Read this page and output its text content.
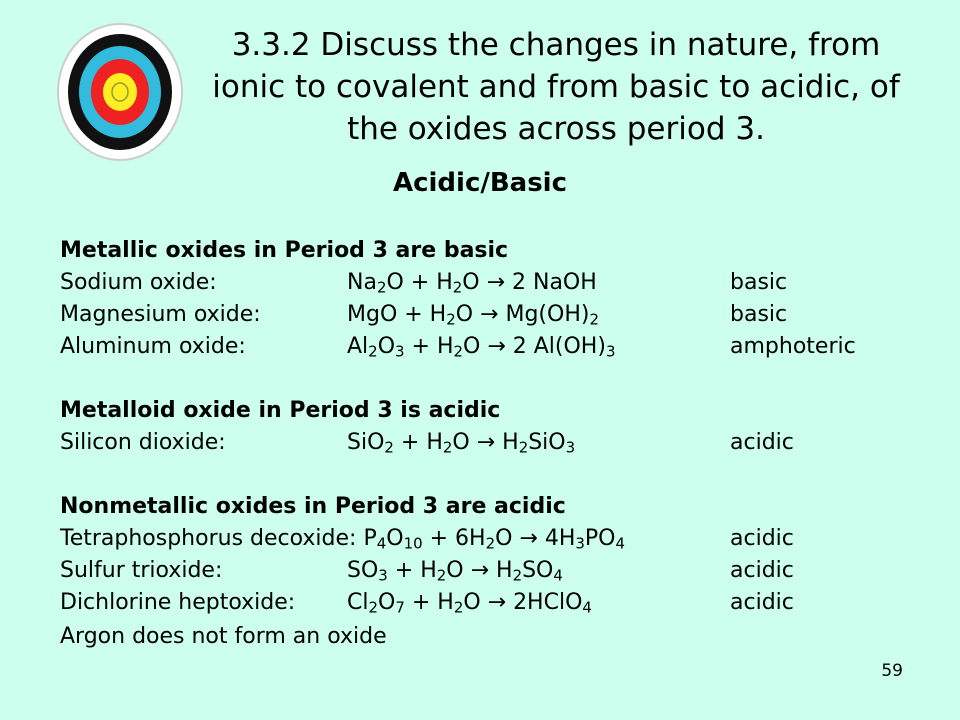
3.3.2 Discuss the changes in nature, from ionic to covalent and from basic to acidic, of the oxides across period 3.
Acidic/Basic
Metallic oxides in Period 3 are basic
Sodium oxide:	$Na_2O + H_2O \to 2$ NaOH	basic
Magnesium oxide:	MgO + $H_2O \to Mg(OH)_2$	basic
Aluminum oxide:	$Al_2O_3 + H_2O \to 2$ $Al(OH)_3$	amphoteric
Metalloid oxide in Period 3 is acidic
Silicon dioxide:	$SiO_2 + H_2O \to H_2SiO_3$	acidic
Nonmetallic oxides in Period 3 are acidic
Tetraphosphorus decoxide: $P_4O_{10} + 6H_2O \to 4H_3PO_4$	acidic
Sulfur trioxide:	$SO_3 + H_2O \to H_2SO_4$	acidic
Dichlorine heptoxide: $Cl_2O_7 + H_2O$ → 2HClO$_4$	acidic
Argon does not form an oxide
59
